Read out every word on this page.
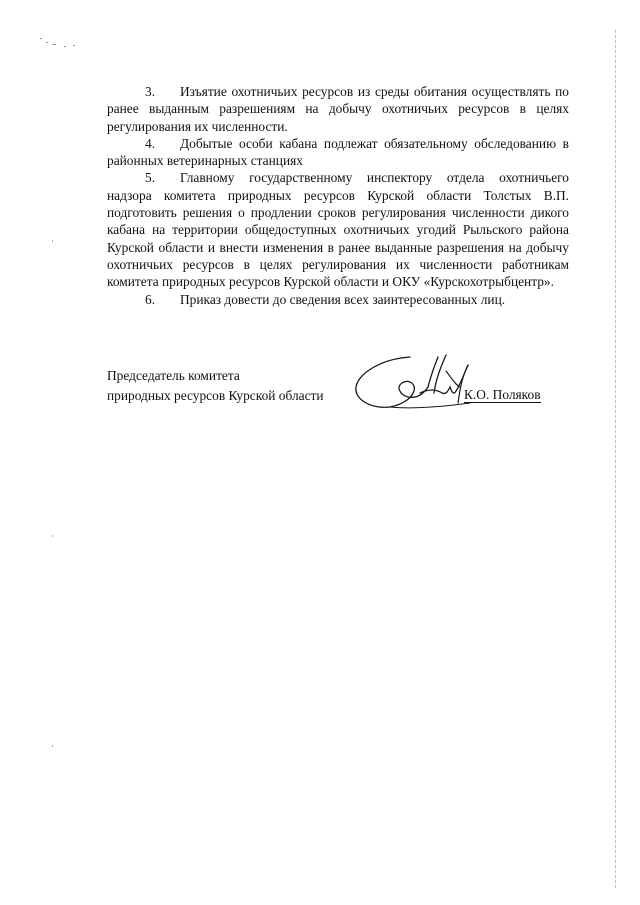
3. Изъятие охотничьих ресурсов из среды обитания осуществлять по ранее выданным разрешениям на добычу охотничьих ресурсов в целях регулирования их численности.

4. Добытые особи кабана подлежат обязательному обследованию в районных ветеринарных станциях

5. Главному государственному инспектору отдела охотничьего надзора комитета природных ресурсов Курской области Толстых В.П. подготовить решения о продлении сроков регулирования численности дикого кабана на территории общедоступных охотничьих угодий Рыльского района Курской области и внести изменения в ранее выданные разрешения на добычу охотничьих ресурсов в целях регулирования их численности работникам комитета природных ресурсов Курской области и ОКУ «Курскохотрыбцентр».

6. Приказ довести до сведения всех заинтересованных лиц.

Председатель комитета
природных ресурсов Курской области	К.О. Поляков
